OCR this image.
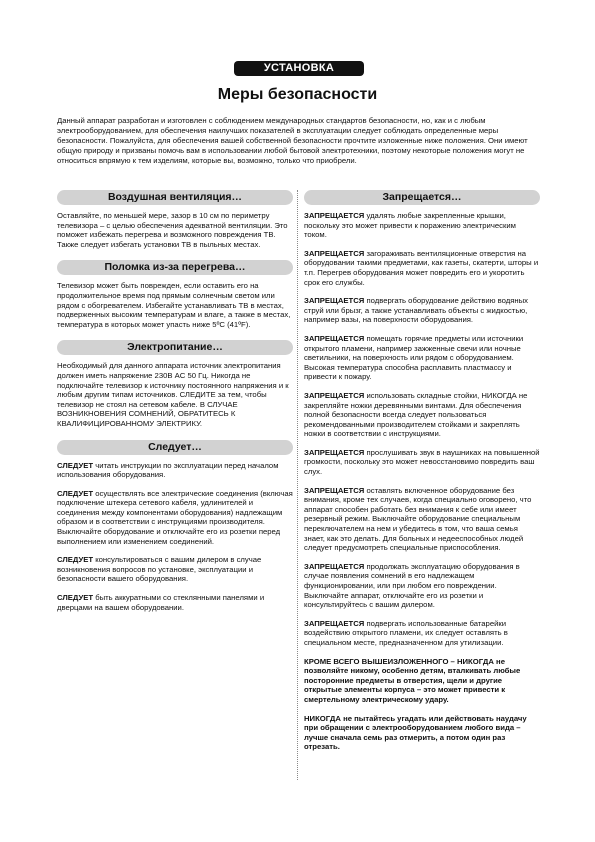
УСТАНОВКА
Меры безопасности

Данный аппарат разработан и изготовлен с соблюдением международных стандартов безопасности, но, как и с любым электрооборудованием, для обеспечения наилучших показателей в эксплуатации следует соблюдать определенные меры безопасности. Пожалуйста, для обеспечения вашей собственной безопасности прочтите изложенные ниже положения. Они имеют общую природу и призваны помочь вам в использовании любой бытовой электротехники, поэтому некоторые положения могут не относиться впрямую к тем изделиям, которые вы, возможно, только что приобрели.

Воздушная вентиляция…

Оставляйте, по меньшей мере, зазор в 10 см по периметру телевизора – с целью обеспечения адекватной вентиляции. Это поможет избежать перегрева и возможного повреждения ТВ. Также следует избегать установки ТВ в пыльных местах.

Поломка из-за перегрева…

Телевизор может быть поврежден, если оставить его на продолжительное время под прямым солнечным светом или рядом с обогревателем. Избегайте устанавливать ТВ в местах, подверженных высоким температурам и влаге, а также в местах, температура в которых может упасть ниже 5ºC (41ºF).

Электропитание…

Необходимый для данного аппарата источник электропитания должен иметь напряжение 230В AC 50 Гц. Никогда не подключайте телевизор к источнику постоянного напряжения и к любым другим типам источников. СЛЕДИТЕ за тем, чтобы телевизор не стоял на сетевом кабеле. В СЛУЧАЕ ВОЗНИКНОВЕНИЯ СОМНЕНИЙ, ОБРАТИТЕСЬ К КВАЛИФИЦИРОВАННОМУ ЭЛЕКТРИКУ.

Следует…

СЛЕДУЕТ читать инструкции по эксплуатации перед началом использования оборудования.

СЛЕДУЕТ осуществлять все электрические соединения (включая подключение штекера сетевого кабеля, удлинителей и соединения между компонентами оборудования) надлежащим образом и в соответствии с инструкциями производителя. Выключайте оборудование и отключайте его из розетки перед выполнением или изменением соединений.

СЛЕДУЕТ консультироваться с вашим дилером в случае возникновения вопросов по установке, эксплуатации и безопасности вашего оборудования.

СЛЕДУЕТ быть аккуратными со стеклянными панелями и дверцами на вашем оборудовании.

Запрещается…

ЗАПРЕЩАЕТСЯ удалять любые закрепленные крышки, поскольку это может привести к поражению электрическим током.

ЗАПРЕЩАЕТСЯ загораживать вентиляционные отверстия на оборудовании такими предметами, как газеты, скатерти, шторы и т.п. Перегрев оборудования может повредить его и укоротить срок его службы.

ЗАПРЕЩАЕТСЯ подвергать оборудование действию водяных струй или брызг, а также устанавливать объекты с жидкостью, например вазы, на поверхности оборудования.

ЗАПРЕЩАЕТСЯ помещать горячие предметы или источники открытого пламени, например зажженные свечи или ночные светильники, на поверхность или рядом с оборудованием. Высокая температура способна расплавить пластмассу и привести к пожару.

ЗАПРЕЩАЕТСЯ использовать складные стойки, НИКОГДА не закрепляйте ножки деревянными винтами. Для обеспечения полной безопасности всегда следует пользоваться рекомендованными производителем стойками и закреплять ножки в соответствии с инструкциями.

ЗАПРЕЩАЕТСЯ прослушивать звук в наушниках на повышенной громкости, поскольку это может невосстановимо повредить ваш слух.

ЗАПРЕЩАЕТСЯ оставлять включенное оборудование без внимания, кроме тех случаев, когда специально оговорено, что аппарат способен работать без внимания к себе или имеет резервный режим. Выключайте оборудование специальным переключателем на нем и убедитесь в том, что ваша семья знает, как это делать. Для больных и недееспособных людей следует предусмотреть специальные приспособления.

ЗАПРЕЩАЕТСЯ продолжать эксплуатацию оборудования в случае появления сомнений в его надлежащем функционировании, или при любом его повреждении. Выключайте аппарат, отключайте его из розетки и консультируйтесь с вашим дилером.

ЗАПРЕЩАЕТСЯ подвергать использованные батарейки воздействию открытого пламени, их следует оставлять в специальном месте, предназначенном для утилизации.

КРОМЕ ВСЕГО ВЫШЕИЗЛОЖЕННОГО – НИКОГДА не позволяйте никому, особенно детям, вталкивать любые посторонние предметы в отверстия, щели и другие открытые элементы корпуса – это может привести к смертельному электрическому удару.

НИКОГДА не пытайтесь угадать или действовать наудачу при обращении с электрооборудованием любого вида – лучше сначала семь раз отмерить, а потом один раз отрезать.
